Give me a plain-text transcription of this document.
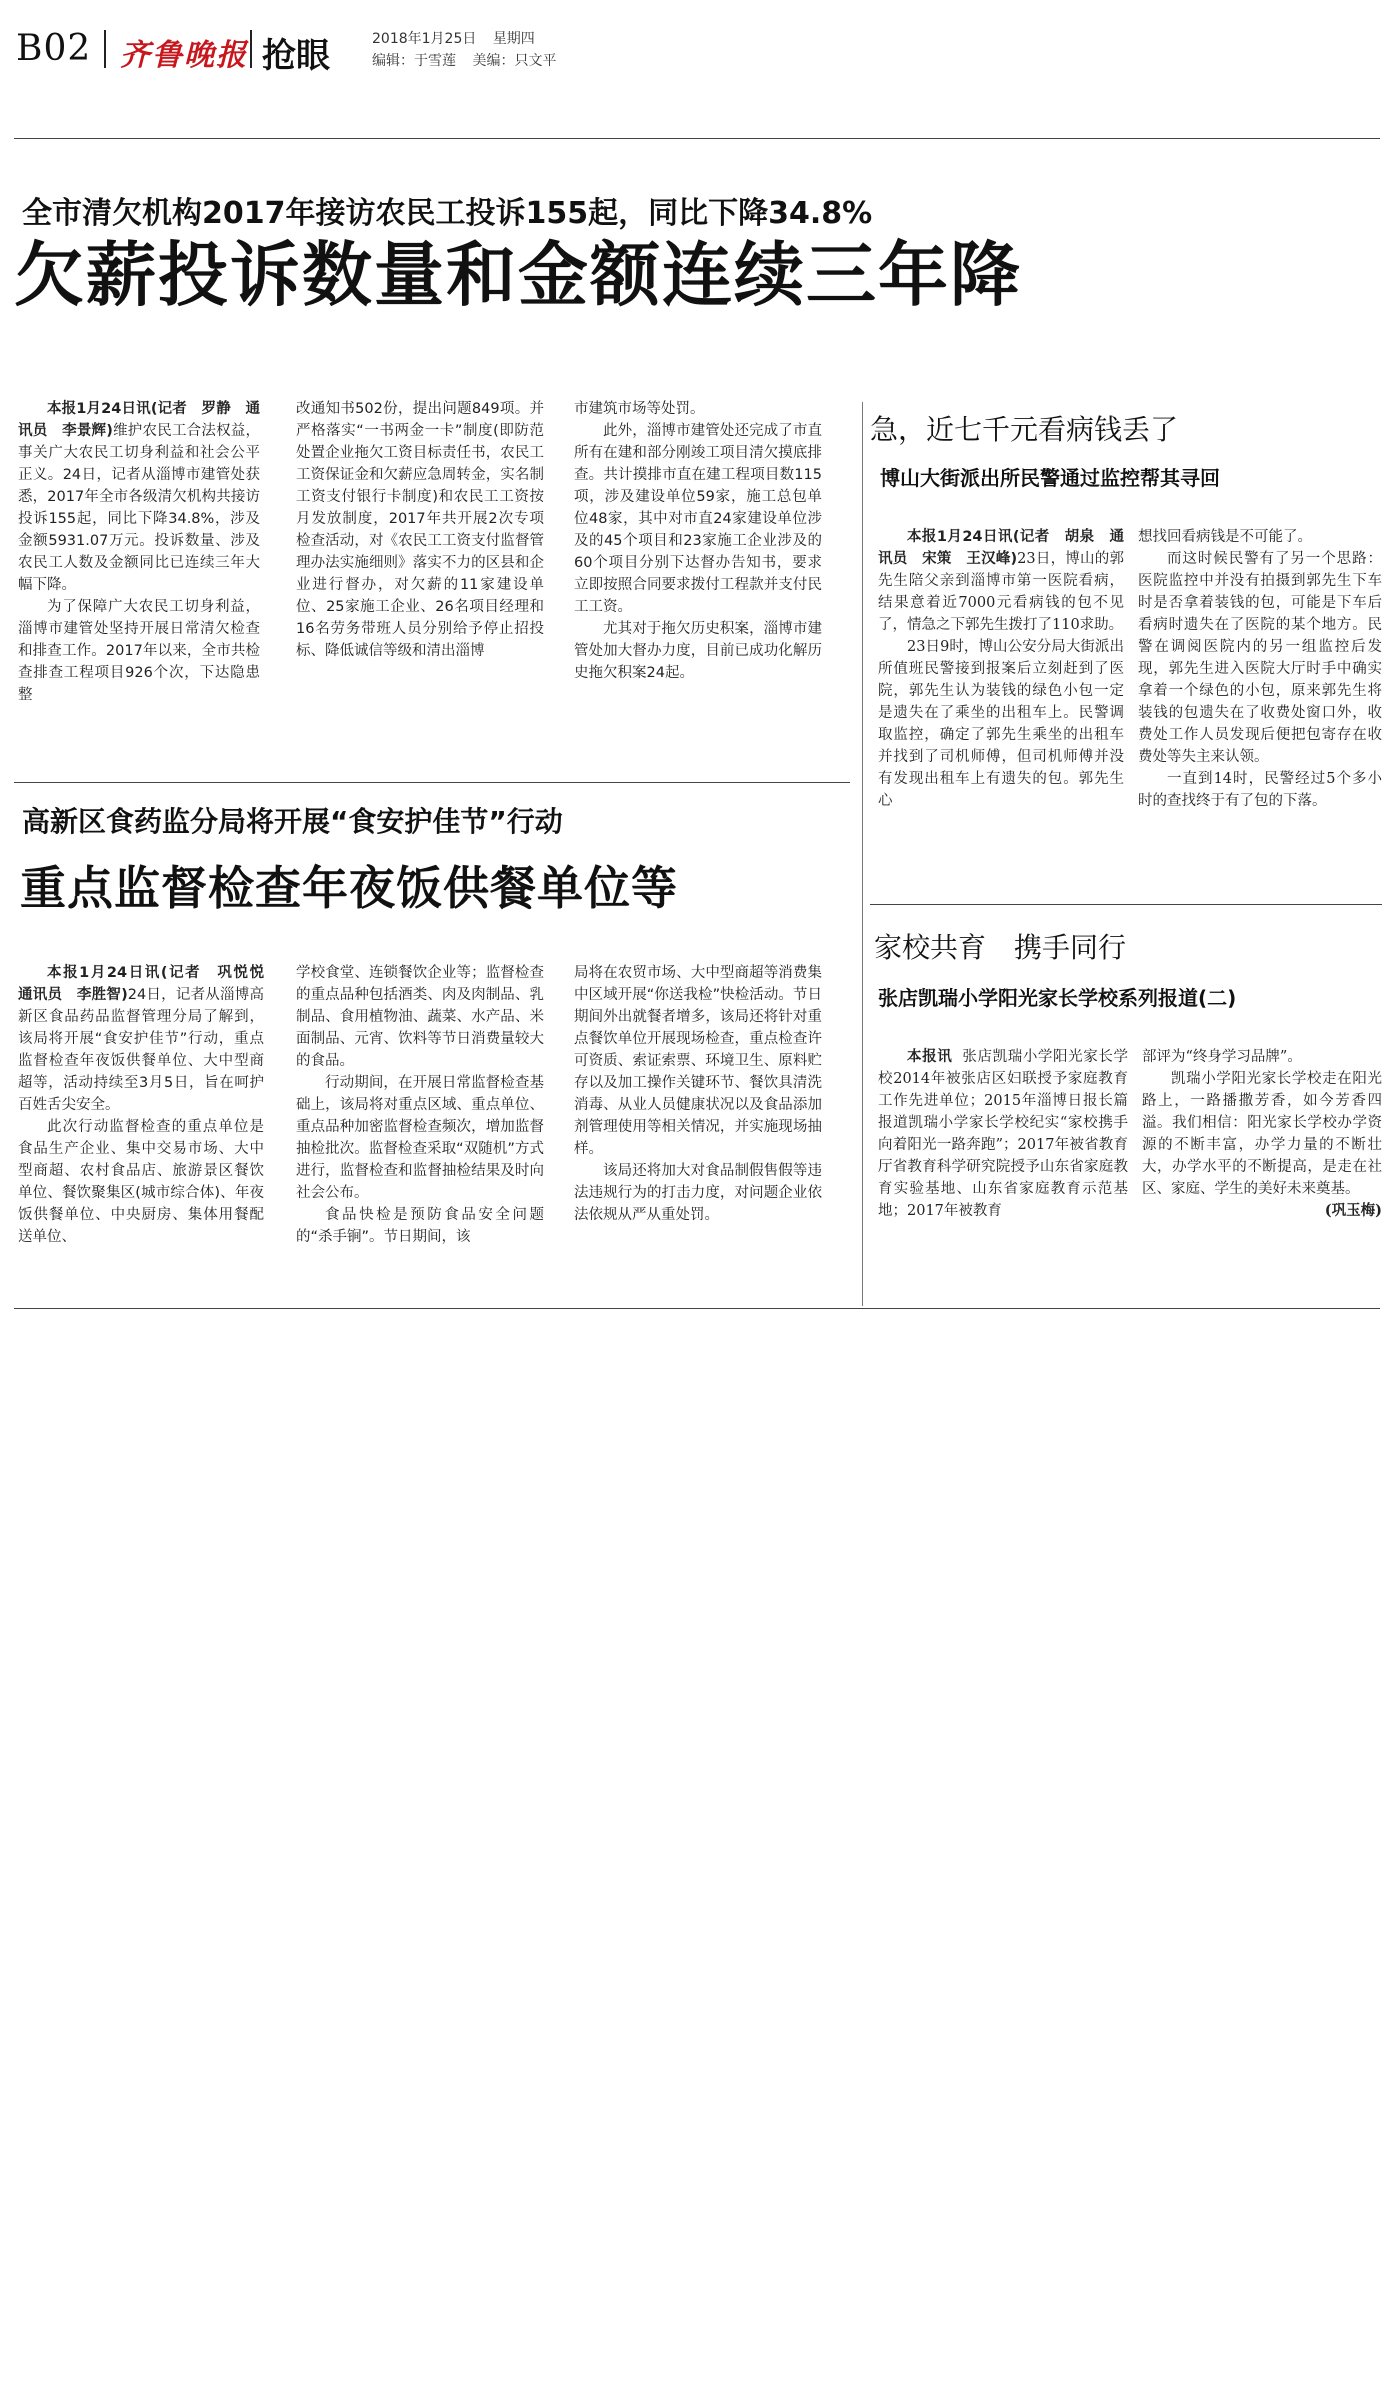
B02 齐鲁晚报 抢眼	2018年1月25日 星期四
编辑：于雪莲 美编：只文平
全市清欠机构2017年接访农民工投诉155起，同比下降34.8%
欠薪投诉数量和金额连续三年降

本报1月24日讯(记者　罗静　通讯员　李景辉)维护农民工合法权益，事关广大农民工切身利益和社会公平正义。24日，记者从淄博市建管处获悉，2017年全市各级清欠机构共接访投诉155起，同比下降34.8%，涉及金额5931.07万元。投诉数量、涉及农民工人数及金额同比已连续三年大幅下降。

为了保障广大农民工切身利益，淄博市建管处坚持开展日常清欠检查和排查工作。2017年以来，全市共检查排查工程项目926个次，下达隐患整

改通知书502份，提出问题849项。并严格落实“一书两金一卡”制度(即防范处置企业拖欠工资目标责任书，农民工工资保证金和欠薪应急周转金，实名制工资支付银行卡制度)和农民工工资按月发放制度，2017年共开展2次专项检查活动，对《农民工工资支付监督管理办法实施细则》落实不力的区县和企业进行督办，对欠薪的11家建设单位、25家施工企业、26名项目经理和16名劳务带班人员分别给予停止招投标、降低诚信等级和清出淄博

市建筑市场等处罚。

此外，淄博市建管处还完成了市直所有在建和部分刚竣工项目清欠摸底排查。共计摸排市直在建工程项目数115项，涉及建设单位59家，施工总包单位48家，其中对市直24家建设单位涉及的45个项目和23家施工企业涉及的60个项目分别下达督办告知书，要求立即按照合同要求拨付工程款并支付民工工资。

尤其对于拖欠历史积案，淄博市建管处加大督办力度，目前已成功化解历史拖欠积案24起。

急，近七千元看病钱丢了
博山大街派出所民警通过监控帮其寻回

本报1月24日讯(记者　胡泉　通讯员　宋策　王汉峰)23日，博山的郭先生陪父亲到淄博市第一医院看病，结果意着近7000元看病钱的包不见了，情急之下郭先生拨打了110求助。

23日9时，博山公安分局大街派出所值班民警接到报案后立刻赶到了医院，郭先生认为装钱的绿色小包一定是遗失在了乘坐的出租车上。民警调取监控，确定了郭先生乘坐的出租车并找到了司机师傅，但司机师傅并没有发现出租车上有遗失的包。郭先生心

想找回看病钱是不可能了。

而这时候民警有了另一个思路：医院监控中并没有拍摄到郭先生下车时是否拿着装钱的包，可能是下车后看病时遗失在了医院的某个地方。民警在调阅医院内的另一组监控后发现，郭先生进入医院大厅时手中确实拿着一个绿色的小包，原来郭先生将装钱的包遗失在了收费处窗口外，收费处工作人员发现后便把包寄存在收费处等失主来认领。

一直到14时，民警经过5个多小时的查找终于有了包的下落。

高新区食药监分局将开展“食安护佳节”行动
重点监督检查年夜饭供餐单位等

本报1月24日讯(记者　巩悦悦　通讯员　李胜智)24日，记者从淄博高新区食品药品监督管理分局了解到，该局将开展“食安护佳节”行动，重点监督检查年夜饭供餐单位、大中型商超等，活动持续至3月5日，旨在呵护百姓舌尖安全。

此次行动监督检查的重点单位是食品生产企业、集中交易市场、大中型商超、农村食品店、旅游景区餐饮单位、餐饮聚集区(城市综合体)、年夜饭供餐单位、中央厨房、集体用餐配送单位、

学校食堂、连锁餐饮企业等；监督检查的重点品种包括酒类、肉及肉制品、乳制品、食用植物油、蔬菜、水产品、米面制品、元宵、饮料等节日消费量较大的食品。

行动期间，在开展日常监督检查基础上，该局将对重点区域、重点单位、重点品种加密监督检查频次，增加监督抽检批次。监督检查采取“双随机”方式进行，监督检查和监督抽检结果及时向社会公布。

食品快检是预防食品安全问题的“杀手锏”。节日期间，该

局将在农贸市场、大中型商超等消费集中区域开展“你送我检”快检活动。节日期间外出就餐者增多，该局还将针对重点餐饮单位开展现场检查，重点检查许可资质、索证索票、环境卫生、原料贮存以及加工操作关键环节、餐饮具清洗消毒、从业人员健康状况以及食品添加剂管理使用等相关情况，并实施现场抽样。

该局还将加大对食品制假售假等违法违规行为的打击力度，对问题企业依法依规从严从重处罚。

家校共育　携手同行
张店凯瑞小学阳光家长学校系列报道(二)

本报讯 张店凯瑞小学阳光家长学校2014年被张店区妇联授予家庭教育工作先进单位；2015年淄博日报长篇报道凯瑞小学家长学校纪实“家校携手　向着阳光一路奔跑”；2017年被省教育厅省教育科学研究院授予山东省家庭教育实验基地、山东省家庭教育示范基地；2017年被教育

部评为“终身学习品牌”。

凯瑞小学阳光家长学校走在阳光路上，一路播撒芳香，如今芳香四溢。我们相信：阳光家长学校办学资源的不断丰富，办学力量的不断壮大，办学水平的不断提高，是走在社区、家庭、学生的美好未来奠基。

(巩玉梅)
